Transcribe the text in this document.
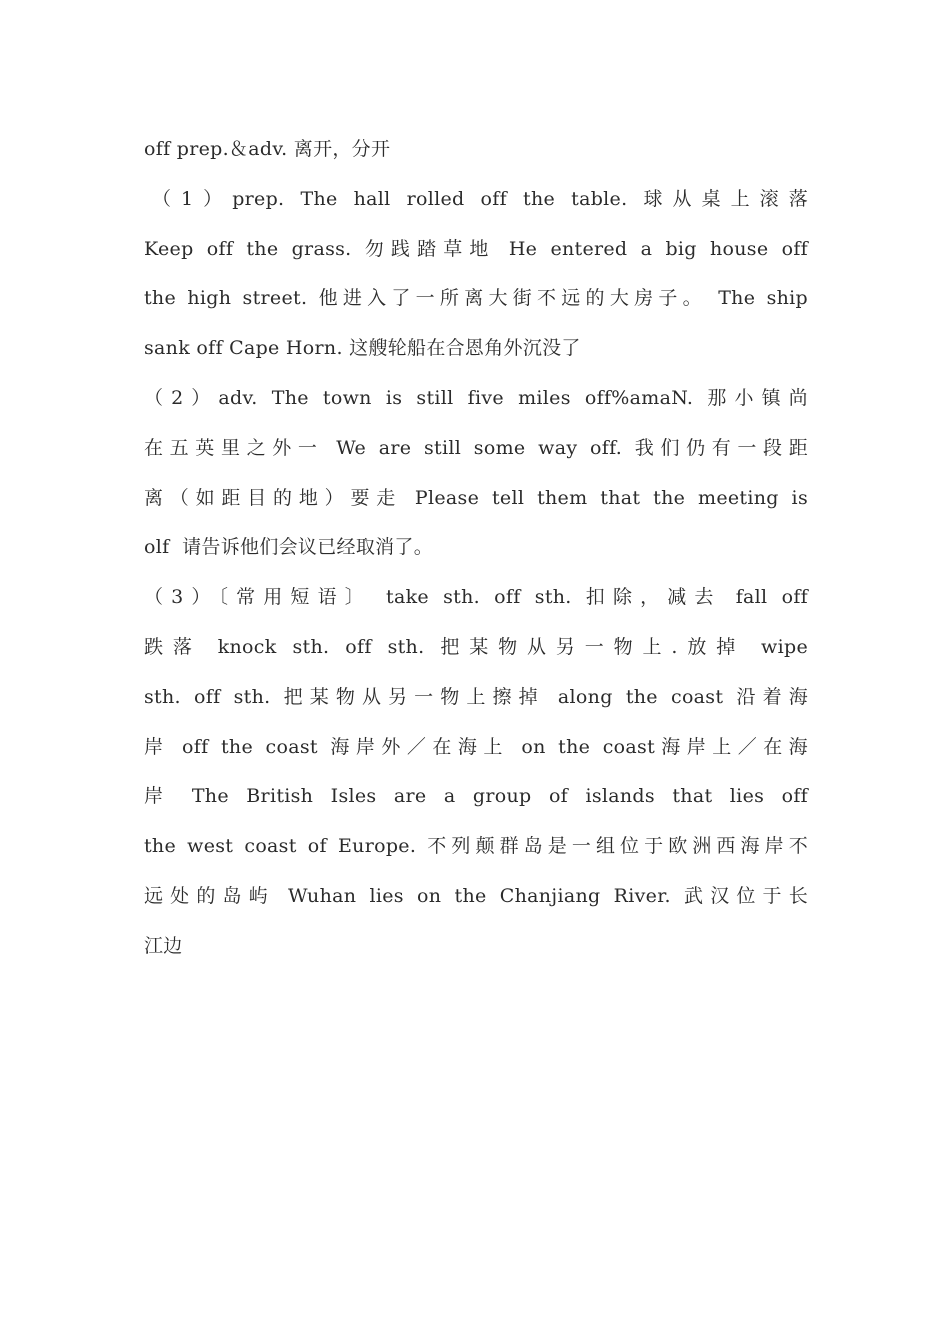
off prep.＆adv. 离开，分开
（1）prep. The hall rolled off the table. 球从桌上滚落
Keep off the grass. 勿践踏草地 He entered a big house off
the high street. 他进入了一所离大街不远的大房子。 The ship
sank off Cape Horn. 这艘轮船在合恩角外沉没了
（2）adv. The town is still five miles off%amaN. 那小镇尚
在五英里之外一 We are still some way off. 我们仍有一段距
离（如距目的地）要走 Please tell them that the meeting is
olf  请告诉他们会议已经取消了。
（3）〔常用短语〕 take sth. off sth. 扣除，减去 fall off
跌落 knock sth. off sth. 把某物从另一物上.放掉 wipe
sth. off sth. 把某物从另一物上擦掉 along the coast 沿着海
岸 off the coast 海岸外／在海上 on the coast海岸上／在海
岸 The British Isles are a group of islands that lies off
the west coast of Europe. 不列颠群岛是一组位于欧洲西海岸不
远处的岛屿 Wuhan lies on the Chanjiang River. 武汉位于长
江边
